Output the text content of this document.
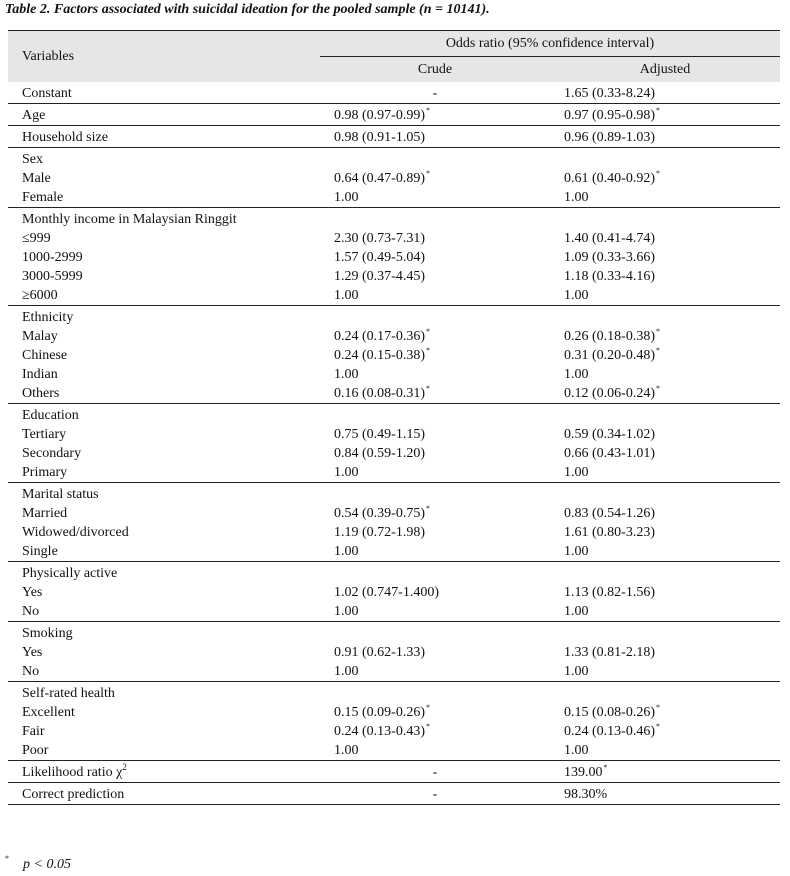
Table 2. Factors associated with suicidal ideation for the pooled sample (n = 10141).
Variables	Odds ratio (95% confidence interval)	
	Crude	Adjusted
Constant	-	1.65 (0.33-8.24)
Age	0.98 (0.97-0.99)*	0.97 (0.95-0.98)*
Household size	0.98 (0.91-1.05)	0.96 (0.89-1.03)
Sex		
Male	0.64 (0.47-0.89)*	0.61 (0.40-0.92)*
Female	1.00	1.00
Monthly income in Malaysian Ringgit		
≤999	2.30 (0.73-7.31)	1.40 (0.41-4.74)
1000-2999	1.57 (0.49-5.04)	1.09 (0.33-3.66)
3000-5999	1.29 (0.37-4.45)	1.18 (0.33-4.16)
≥6000	1.00	1.00
Ethnicity		
Malay	0.24 (0.17-0.36)*	0.26 (0.18-0.38)*
Chinese	0.24 (0.15-0.38)*	0.31 (0.20-0.48)*
Indian	1.00	1.00
Others	0.16 (0.08-0.31)*	0.12 (0.06-0.24)*
Education		
Tertiary	0.75 (0.49-1.15)	0.59 (0.34-1.02)
Secondary	0.84 (0.59-1.20)	0.66 (0.43-1.01)
Primary	1.00	1.00
Marital status		
Married	0.54 (0.39-0.75)*	0.83 (0.54-1.26)
Widowed/divorced	1.19 (0.72-1.98)	1.61 (0.80-3.23)
Single	1.00	1.00
Physically active		
Yes	1.02 (0.747-1.400)	1.13 (0.82-1.56)
No	1.00	1.00
Smoking		
Yes	0.91 (0.62-1.33)	1.33 (0.81-2.18)
No	1.00	1.00
Self-rated health		
Excellent	0.15 (0.09-0.26)*	0.15 (0.08-0.26)*
Fair	0.24 (0.13-0.43)*	0.24 (0.13-0.46)*
Poor	1.00	1.00
Likelihood ratio $\chi^2$	-	139.00*
Correct prediction	-	98.30%
* p < 0.05
